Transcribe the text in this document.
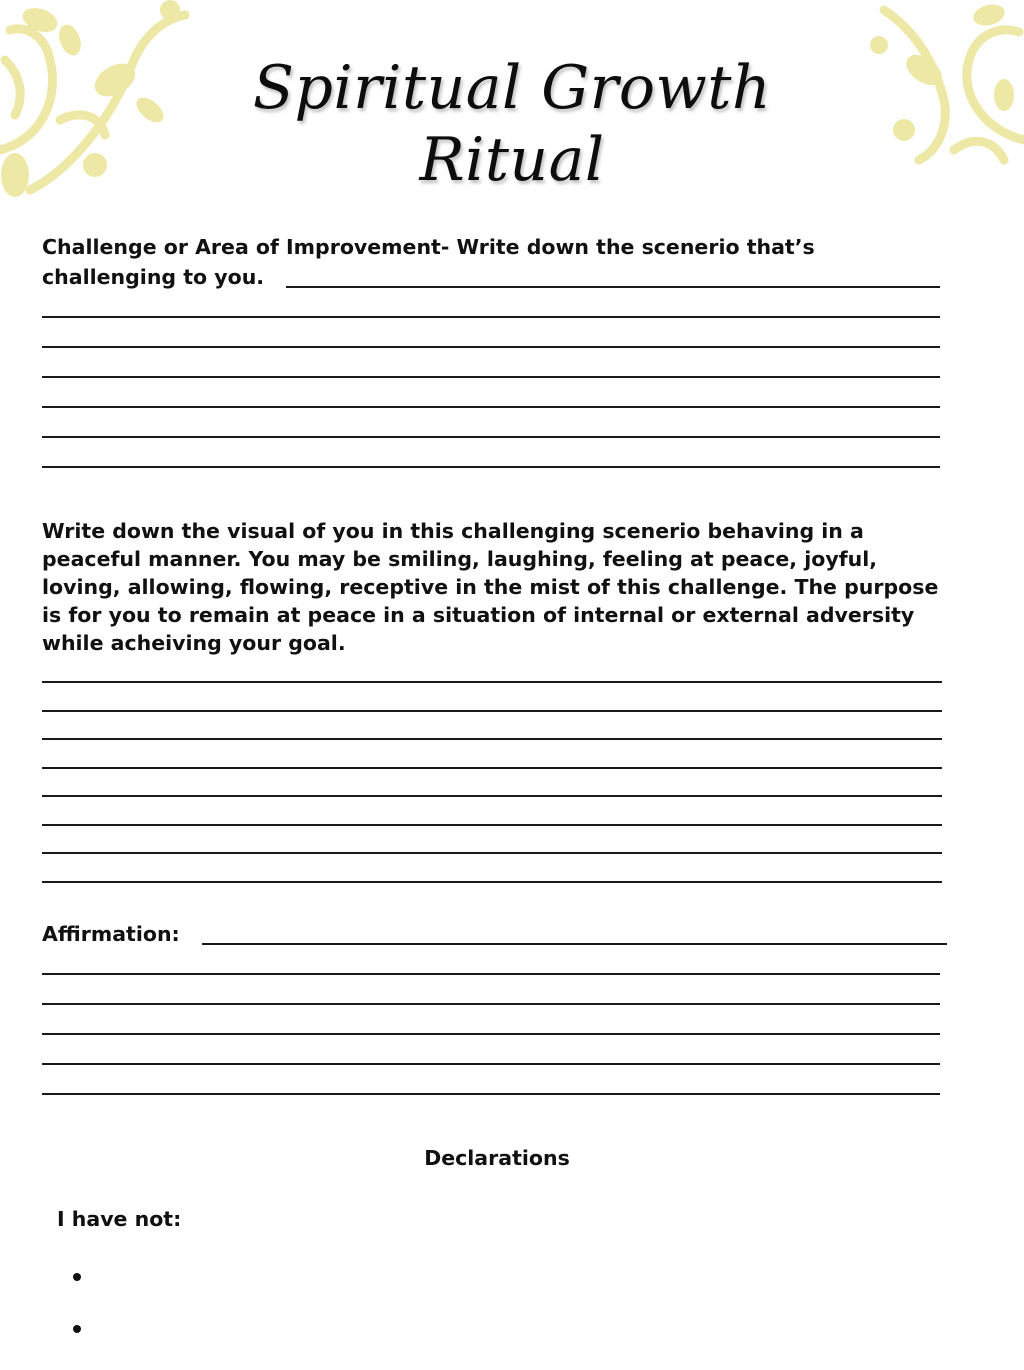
Spiritual Growth
Ritual

Challenge or Area of Improvement- Write down the scenerio that’s

challenging to you.

Write down the visual of you in this challenging scenerio behaving in a

peaceful manner. You may be smiling, laughing, feeling at peace, joyful,

loving, allowing, flowing, receptive in the mist of this challenge. The purpose

is for you to remain at peace in a situation of internal or external adversity

while acheiving your goal.

Affirmation:

Declarations

I have not:
